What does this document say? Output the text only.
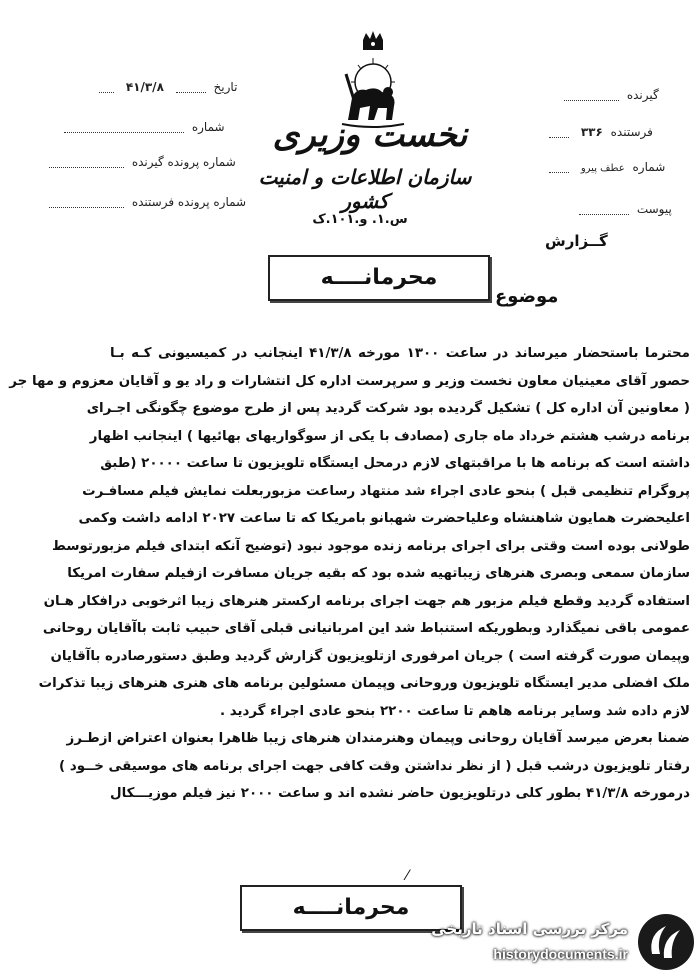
تاریخ  ۴۱/۳/۸
شماره
شماره پرونده گیرنده
شماره پرونده فرستنده
گیرنده
فرستنده ۳۳۶
شماره عطف پیرو
پیوست
نخست وزیری
سازمان اطلاعات و امنیت کشور
س.۱. و.۱۰۱.ک
گــزارش
محرمانــــه
موضوع
محترما باستحضار میرساند در ساعت ۱۳۰۰ مورخه ۴۱/۳/۸ اینجانب در کمیسیونی کـه بـا
حصور آقای معینیان معاون نخست وزیر و سرپرست اداره کل انتشارات و راد یو و آقایان معزوم و مها جر
( معاونین آن اداره کل ) تشکیل گردیده بود شرکت گردید پس از طرح موضوع چگونگی اجـرای
برنامه درشب هشتم خرداد ماه جاری (مصادف با یکی از سوگواریهای بهائیها ) اینجانب اظهار
داشته است که برنامه ها با مراقبتهای لازم درمحل ایستگاه تلویزیون تا ساعت ۲۰۰۰۰ (طبق
پروگرام تنظیمی قبل ) بنحو عادی اجراء شد منتهاد رساعت مزبوربعلت نمایش فیلم مسافـرت
اعلیحضرت همایون شاهنشاه وعلیاحضرت شهبانو بامریکا که تا ساعت ۲۰۲۷ ادامه داشت وکمی
طولانی بوده است وقتی برای اجرای برنامه زنده موجود نبود (توضیح آنکه ابتدای فیلم مزبورتوسط
سازمان سمعی وبصری هنرهای زیباتهیه شده بود که بقیه جریان مسافرت ازفیلم سفارت امریکا
استفاده گردید وقطع فیلم مزبور هم جهت اجرای برنامه ارکستر هنرهای زیبا اثرخوبی درافکار هـان
عمومی باقی نمیگذارد وبطوریکه استنباط شد این امربانیانی قبلی آقای حبیب ثابت باآقایان روحانی
وپیمان صورت گرفته است ) جریان امرفوری ازتلویزیون گزارش گردید وطبق دستورصادره باآقایان
ملک افضلی مدیر ایستگاه تلویزیون وروحانی وپیمان مسئولین برنامه های هنری هنرهای زیبا تذکرات
لازم داده شد وسایر برنامه هاهم تا ساعت ۲۲۰۰ بنحو عادی اجراء گردید .
ضمنا بعرض میرسد آقایان روحانی وپیمان وهنرمندان هنرهای زیبا ظاهرا بعنوان اعتراض ازطـرز
رفتار تلویزیون درشب قبل ( از نظر نداشتن وقت کافی جهت اجرای برنامه های موسیقی خــود )
درمورخه ۴۱/۳/۸ بطور کلی درتلویزیون حاضر نشده اند و ساعت ۲۰۰۰ نیز فیلم موزیـــکال
⁄
محرمانــــه
مرکز بررسی اسناد تاریخی
historydocuments.ir
